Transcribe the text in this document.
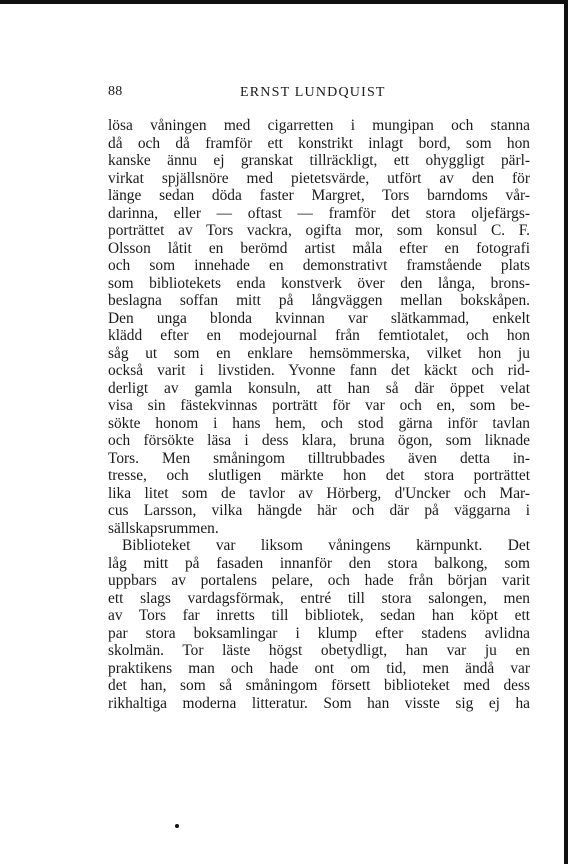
88	ERNST LUNDQUIST
lösa våningen med cigarretten i mungipan och stanna
då och då framför ett konstrikt inlagt bord, som hon
kanske ännu ej granskat tillräckligt, ett ohyggligt pärl-
virkat spjällsnöre med pietetsvärde, utfört av den för
länge sedan döda faster Margret, Tors barndoms vår-
darinna, eller — oftast — framför det stora oljefärgs-
porträttet av Tors vackra, ogifta mor, som konsul C. F.
Olsson låtit en berömd artist måla efter en fotografi
och som innehade en demonstrativt framstående plats
som bibliotekets enda konstverk över den långa, brons-
beslagna soffan mitt på långväggen mellan bokskåpen.
Den unga blonda kvinnan var slätkammad, enkelt
klädd efter en modejournal från femtiotalet, och hon
såg ut som en enklare hemsömmerska, vilket hon ju
också varit i livstiden. Yvonne fann det käckt och rid-
derligt av gamla konsuln, att han så där öppet velat
visa sin fästekvinnas porträtt för var och en, som be-
sökte honom i hans hem, och stod gärna inför tavlan
och försökte läsa i dess klara, bruna ögon, som liknade
Tors. Men småningom tilltrubbades även detta in-
tresse, och slutligen märkte hon det stora porträttet
lika litet som de tavlor av Hörberg, d'Uncker och Mar-
cus Larsson, vilka hängde här och där på väggarna i
sällskapsrummen.
Biblioteket var liksom våningens kärnpunkt. Det
låg mitt på fasaden innanför den stora balkong, som
uppbars av portalens pelare, och hade från början varit
ett slags vardagsförmak, entré till stora salongen, men
av Tors far inretts till bibliotek, sedan han köpt ett
par stora boksamlingar i klump efter stadens avlidna
skolmän. Tor läste högst obetydligt, han var ju en
praktikens man och hade ont om tid, men ändå var
det han, som så småningom försett biblioteket med dess
rikhaltiga moderna litteratur. Som han visste sig ej ha
